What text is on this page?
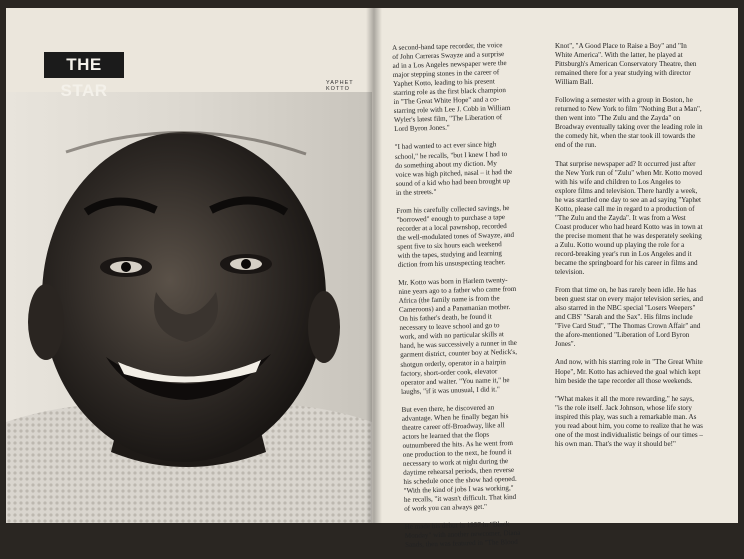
THE STAR	YAPHET KOTTO

A second-hand tape recorder, the voice of John Carreras Swayze and a surprise ad in a Los Angeles newspaper were the major stepping stones in the career of Yaphet Kotto, leading to his present starring role as the first black champion in "The Great White Hope" and a co-starring role with Lee J. Cobb in William Wyler's latest film, "The Liberation of Lord Byron Jones."

"I had wanted to act ever since high school," he recalls, "but I knew I had to do something about my diction. My voice was high pitched, nasal – it had the sound of a kid who had been brought up in the streets."

From his carefully collected savings, he "borrowed" enough to purchase a tape recorder at a local pawnshop, recorded the well-modulated tones of Swayze, and spent five to six hours each weekend with the tapes, studying and learning diction from his unsuspecting teacher.

Mr. Kotto was born in Harlem twenty-nine years ago to a father who came from Africa (the family name is from the Cameroons) and a Panamanian mother. On his father's death, he found it necessary to leave school and go to work, and with no particular skills at hand, he was successively a runner in the garment district, counter boy at Nedick's, shotgun orderly, operator in a hairpin factory, short-order cook, elevator operator and waiter. "You name it," he laughs, "if it was unusual, I did it."

But even there, he discovered an advantage. When he finally began his theatre career off-Broadway, like all actors he learned that the flops outnumbered the hits. As he went from one production to the next, he found it necessary to work at night during the daytime rehearsal periods, then reverse his schedule once the show had opened. "With the kind of jobs I was working," he recalls, "it wasn't difficult. That kind of work you can always get."

He made his debut in 1957 in "Black Monday" with another newcomer, Diana Sands, then was featured in "The Blood

Knot", "A Good Place to Raise a Boy" and "In White America". With the latter, he played at Pittsburgh's American Conservatory Theatre, then remained there for a year studying with director William Ball.

Following a semester with a group in Boston, he returned to New York to film "Nothing But a Man", then went into "The Zulu and the Zayda" on Broadway eventually taking over the leading role in the comedy hit, when the star took ill towards the end of the run.

That surprise newspaper ad? It occurred just after the New York run of "Zulu" when Mr. Kotto moved with his wife and children to Los Angeles to explore films and television. There hardly a week, he was startled one day to see an ad saying "Yaphet Kotto, please call me in regard to a production of "The Zulu and the Zayda". It was from a West Coast producer who had heard Kotto was in town at the precise moment that he was desperately seeking a Zulu. Kotto wound up playing the role for a record-breaking year's run in Los Angeles and it became the springboard for his career in films and television.

From that time on, he has rarely been idle. He has been guest star on every major television series, and also starred in the NBC special "Losers Weepers" and CBS' "Sarah and the Sax". His films include "Five Card Stud", "The Thomas Crown Affair" and the afore-mentioned "Liberation of Lord Byron Jones".

And now, with his starring role in "The Great White Hope", Mr. Kotto has achieved the goal which kept him beside the tape recorder all those weekends.

"What makes it all the more rewarding," he says, "is the role itself. Jack Johnson, whose life story inspired this play, was such a remarkable man. As you read about him, you come to realize that he was one of the most individualistic beings of our times – his own man. That's the way it should be!"
